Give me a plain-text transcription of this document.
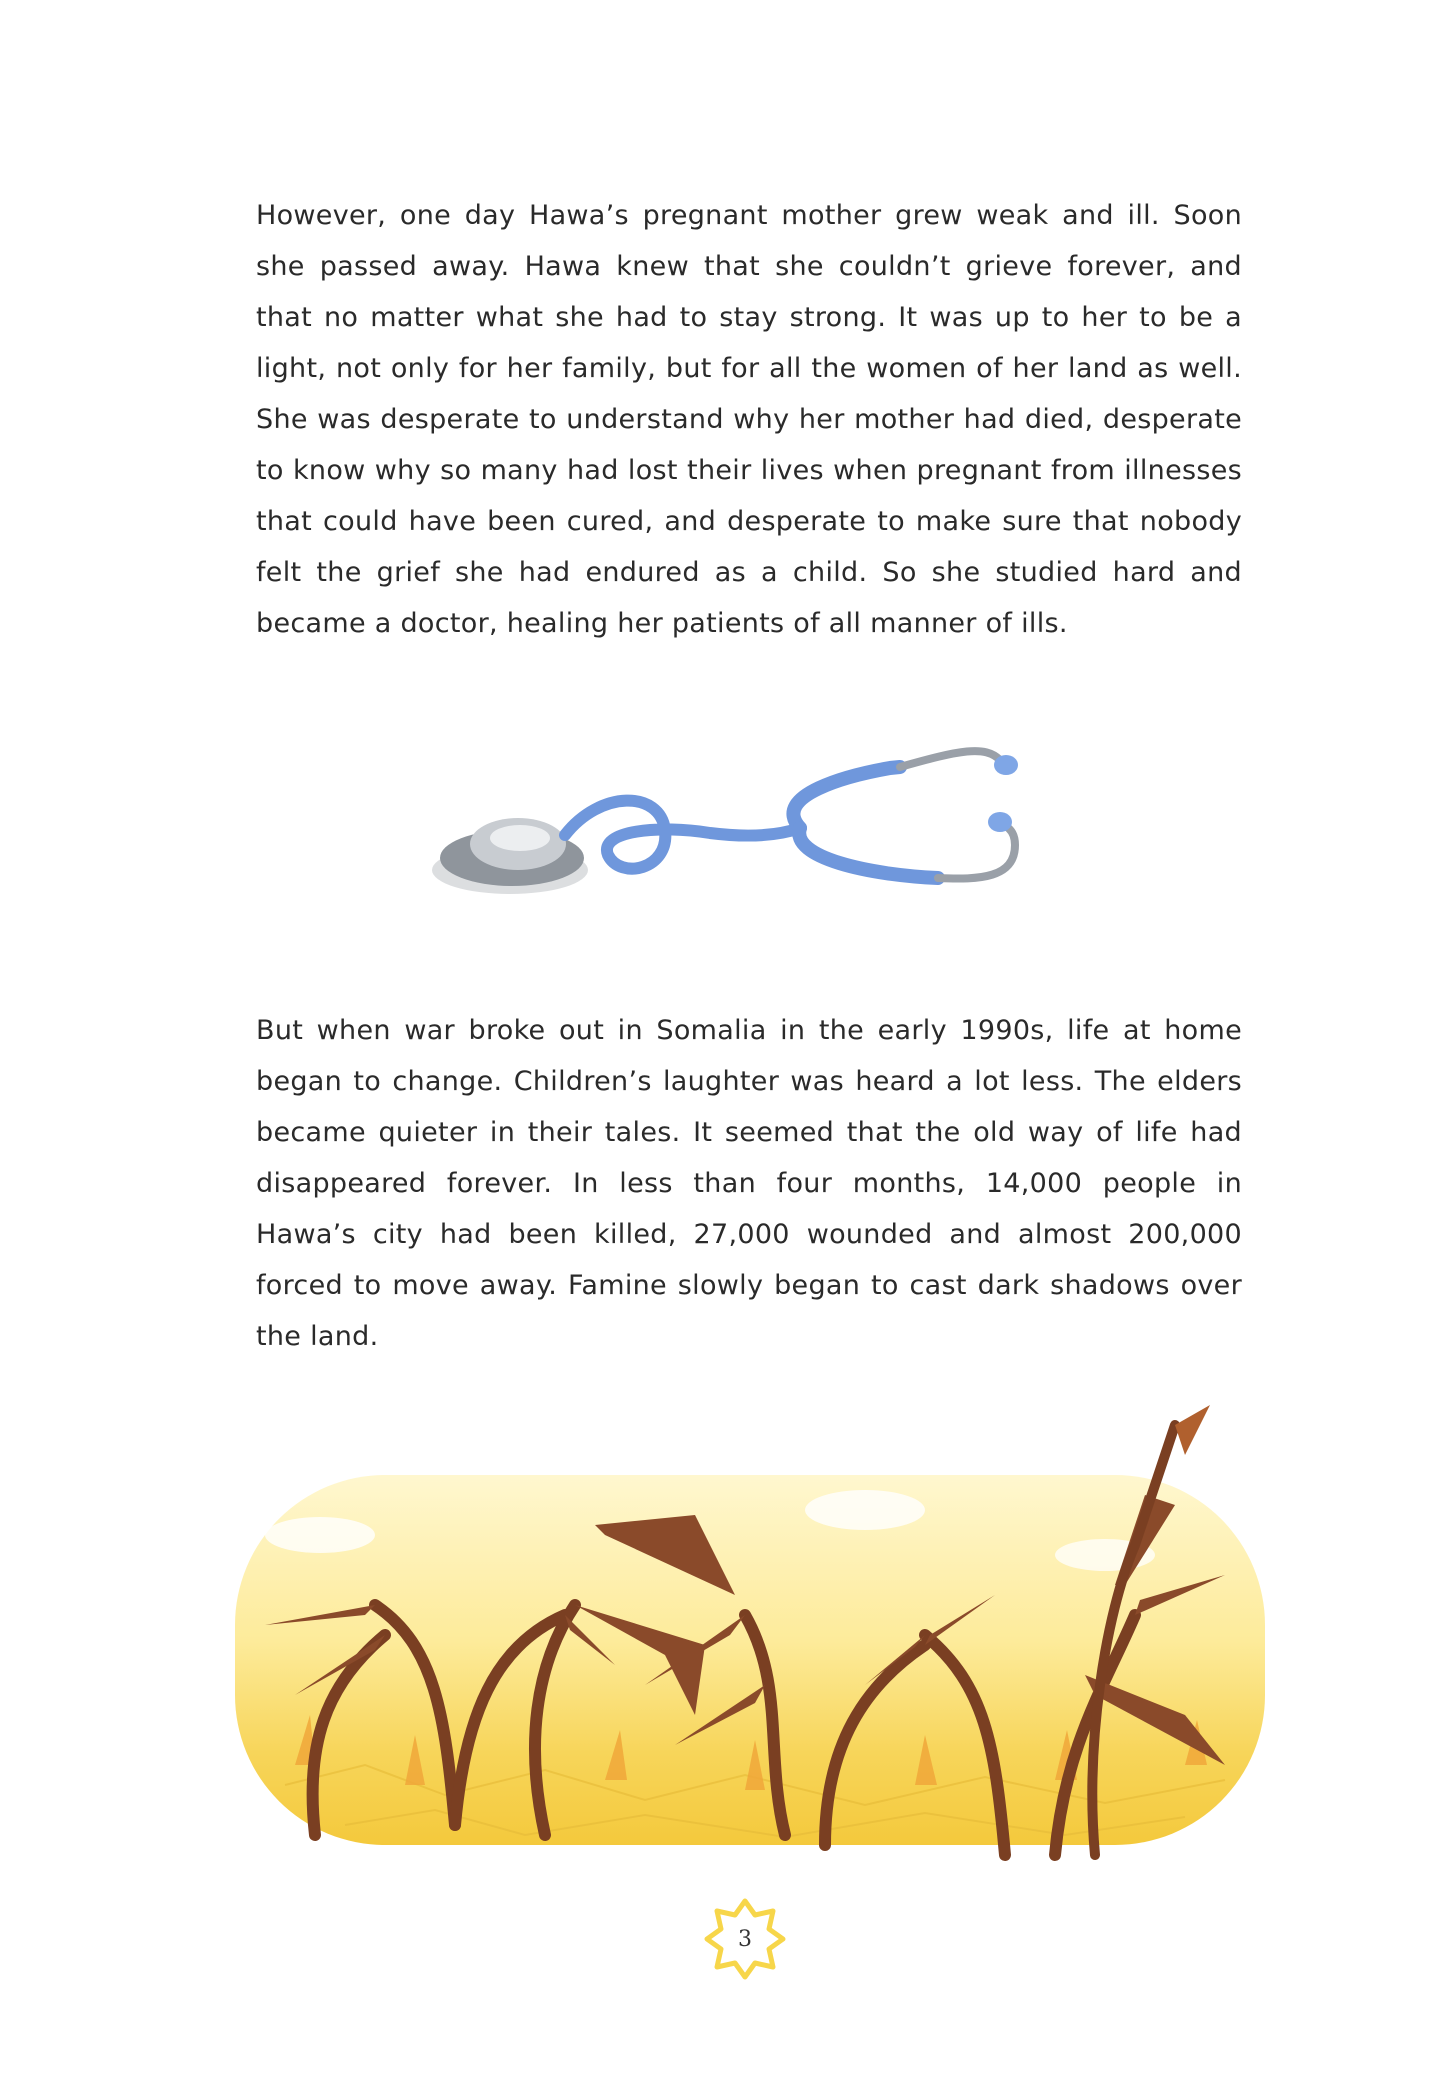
However, one day Hawa’s pregnant mother grew weak and ill. Soon she passed away. Hawa knew that she couldn’t grieve forever, and that no matter what she had to stay strong. It was up to her to be a light, not only for her family, but for all the women of her land as well. She was desperate to understand why her mother had died, desperate to know why so many had lost their lives when pregnant from illnesses that could have been cured, and desperate to make sure that nobody felt the grief she had endured as a child. So she studied hard and became a doctor, healing her patients of all manner of ills.

But when war broke out in Somalia in the early 1990s, life at home began to change. Children’s laughter was heard a lot less. The elders became quieter in their tales. It seemed that the old way of life had disappeared forever. In less than four months, 14,000 people in Hawa’s city had been killed, 27,000 wounded and almost 200,000 forced to move away. Famine slowly began to cast dark shadows over the land.

3
